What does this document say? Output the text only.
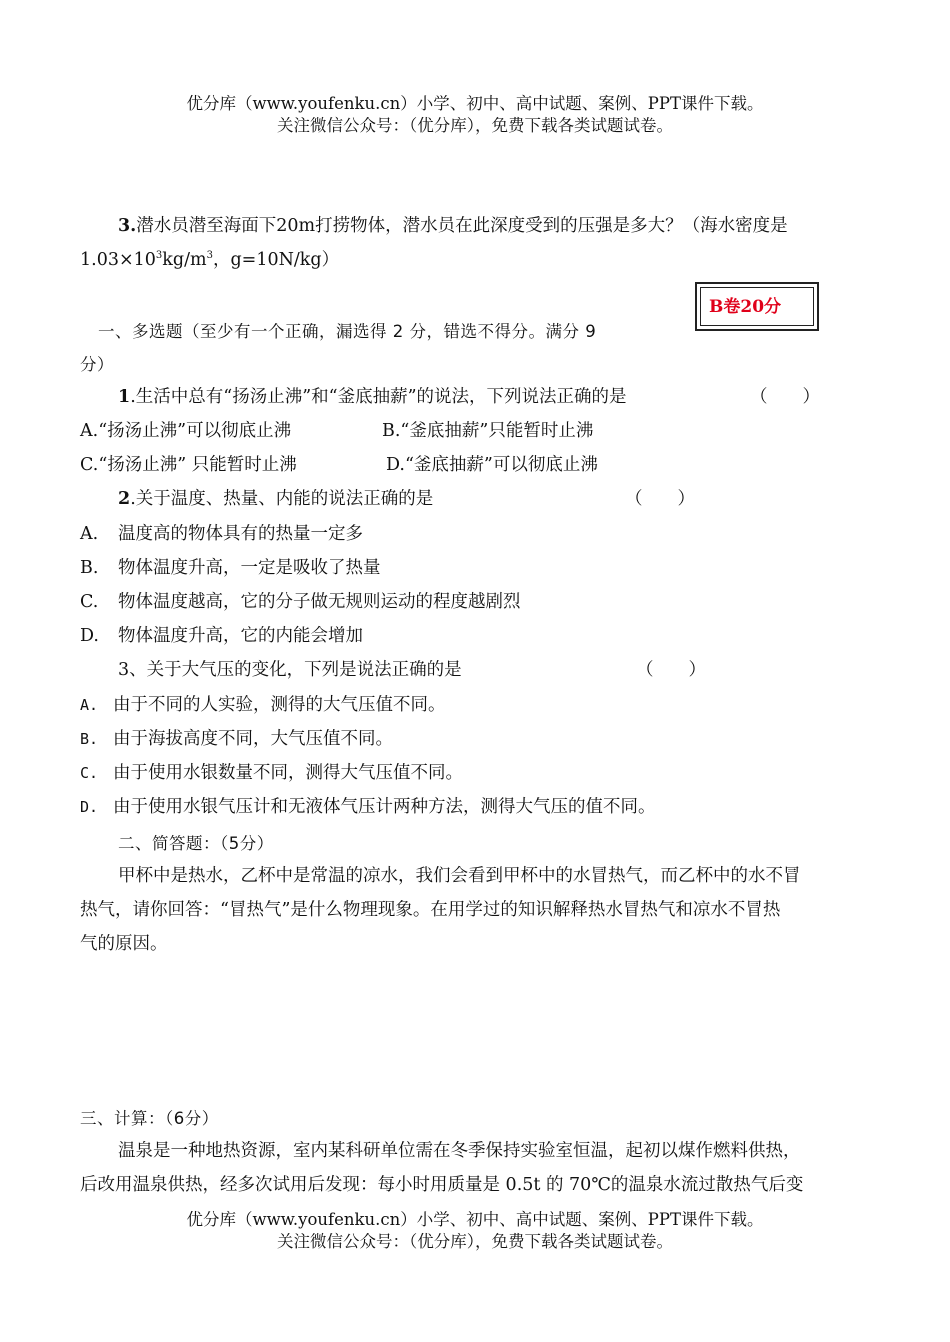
优分库（www.youfenku.cn）小学、初中、高中试题、案例、PPT课件下载。
关注微信公众号：（优分库），免费下载各类试题试卷。
3.潜水员潜至海面下20m打捞物体，潜水员在此深度受到的压强是多大？（海水密度是
$1.03\times 10^3kg/m^3$，g=10N/kg）
B卷20分
一、多选题（至少有一个正确，漏选得 2 分，错选不得分。满分 9
分）
1.生活中总有“扬汤止沸”和“釜底抽薪”的说法，下列说法正确的是	（　　）
A.“扬汤止沸”可以彻底止沸	B.“釜底抽薪”只能暂时止沸
C.“扬汤止沸” 只能暂时止沸	D.“釜底抽薪”可以彻底止沸
2.关于温度、热量、内能的说法正确的是	（　　）
A. 温度高的物体具有的热量一定多
B. 物体温度升高，一定是吸收了热量
C. 物体温度越高，它的分子做无规则运动的程度越剧烈
D. 物体温度升高，它的内能会增加
3、关于大气压的变化，下列是说法正确的是	（　　）
A. 由于不同的人实验，测得的大气压值不同。
B. 由于海拔高度不同，大气压值不同。
C. 由于使用水银数量不同，测得大气压值不同。
D. 由于使用水银气压计和无液体气压计两种方法，测得大气压的值不同。
二、简答题：（5分）
甲杯中是热水，乙杯中是常温的凉水，我们会看到甲杯中的水冒热气，而乙杯中的水不冒
热气，请你回答：“冒热气”是什么物理现象。在用学过的知识解释热水冒热气和凉水不冒热
气的原因。
三、计算：（6分）
温泉是一种地热资源，室内某科研单位需在冬季保持实验室恒温，起初以煤作燃料供热，
后改用温泉供热，经多次试用后发现：每小时用质量是 0.5t 的 70℃的温泉水流过散热气后变
优分库（www.youfenku.cn）小学、初中、高中试题、案例、PPT课件下载。
关注微信公众号：（优分库），免费下载各类试题试卷。
